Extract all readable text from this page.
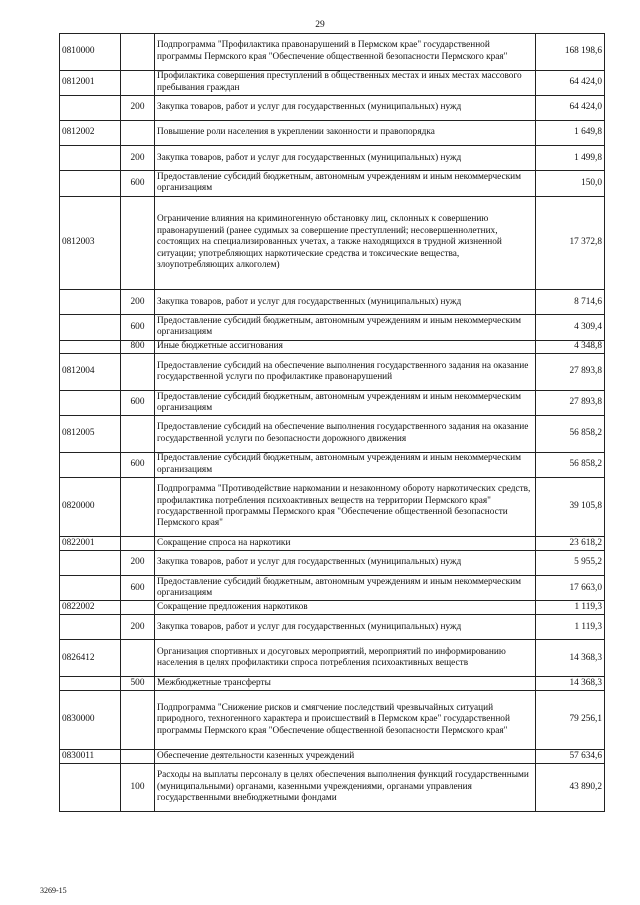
29
0810000		Подпрограмма "Профилактика правонарушений в Пермском крае" государственной программы Пермского края "Обеспечение общественной безопасности Пермского края"	168 198,6
0812001		Профилактика совершения преступлений в общественных местах и иных местах массового пребывания граждан	64 424,0
	200	Закупка товаров, работ и услуг для государственных (муниципальных) нужд	64 424,0
0812002		Повышение роли населения в укреплении законности и правопорядка	1 649,8
	200	Закупка товаров, работ и услуг для государственных (муниципальных) нужд	1 499,8
	600	Предоставление субсидий бюджетным, автономным учреждениям и иным некоммерческим организациям	150,0
0812003		Ограничение влияния на криминогенную обстановку лиц, склонных к совершению правонарушений (ранее судимых за совершение преступлений; несовершеннолетних, состоящих на специализированных учетах, а также находящихся в трудной жизненной ситуации; употребляющих наркотические средства и токсические вещества, злоупотребляющих алкоголем)	17 372,8
	200	Закупка товаров, работ и услуг для государственных (муниципальных) нужд	8 714,6
	600	Предоставление субсидий бюджетным, автономным учреждениям и иным некоммерческим организациям	4 309,4
	800	Иные бюджетные ассигнования	4 348,8
0812004		Предоставление субсидий на обеспечение выполнения государственного задания на оказание государственной услуги по профилактике правонарушений	27 893,8
	600	Предоставление субсидий бюджетным, автономным учреждениям и иным некоммерческим организациям	27 893,8
0812005		Предоставление субсидий на обеспечение выполнения государственного задания на оказание государственной услуги по безопасности дорожного движения	56 858,2
	600	Предоставление субсидий бюджетным, автономным учреждениям и иным некоммерческим организациям	56 858,2
0820000		Подпрограмма "Противодействие наркомании и незаконному обороту наркотических средств, профилактика потребления психоактивных веществ на территории Пермского края" государственной программы Пермского края "Обеспечение общественной безопасности Пермского края"	39 105,8
0822001		Сокращение спроса на наркотики	23 618,2
	200	Закупка товаров, работ и услуг для государственных (муниципальных) нужд	5 955,2
	600	Предоставление субсидий бюджетным, автономным учреждениям и иным некоммерческим организациям	17 663,0
0822002		Сокращение предложения наркотиков	1 119,3
	200	Закупка товаров, работ и услуг для государственных (муниципальных) нужд	1 119,3
0826412		Организация спортивных и досуговых мероприятий, мероприятий по информированию населения в целях профилактики спроса потребления психоактивных веществ	14 368,3
	500	Межбюджетные трансферты	14 368,3
0830000		Подпрограмма "Снижение рисков и смягчение последствий чрезвычайных ситуаций природного, техногенного характера и происшествий в Пермском крае" государственной программы Пермского края "Обеспечение общественной безопасности Пермского края"	79 256,1
0830011		Обеспечение деятельности казенных учреждений	57 634,6
	100	Расходы на выплаты персоналу в целях обеспечения выполнения функций государственными (муниципальными) органами, казенными учреждениями, органами управления государственными внебюджетными фондами	43 890,2
3269-15
